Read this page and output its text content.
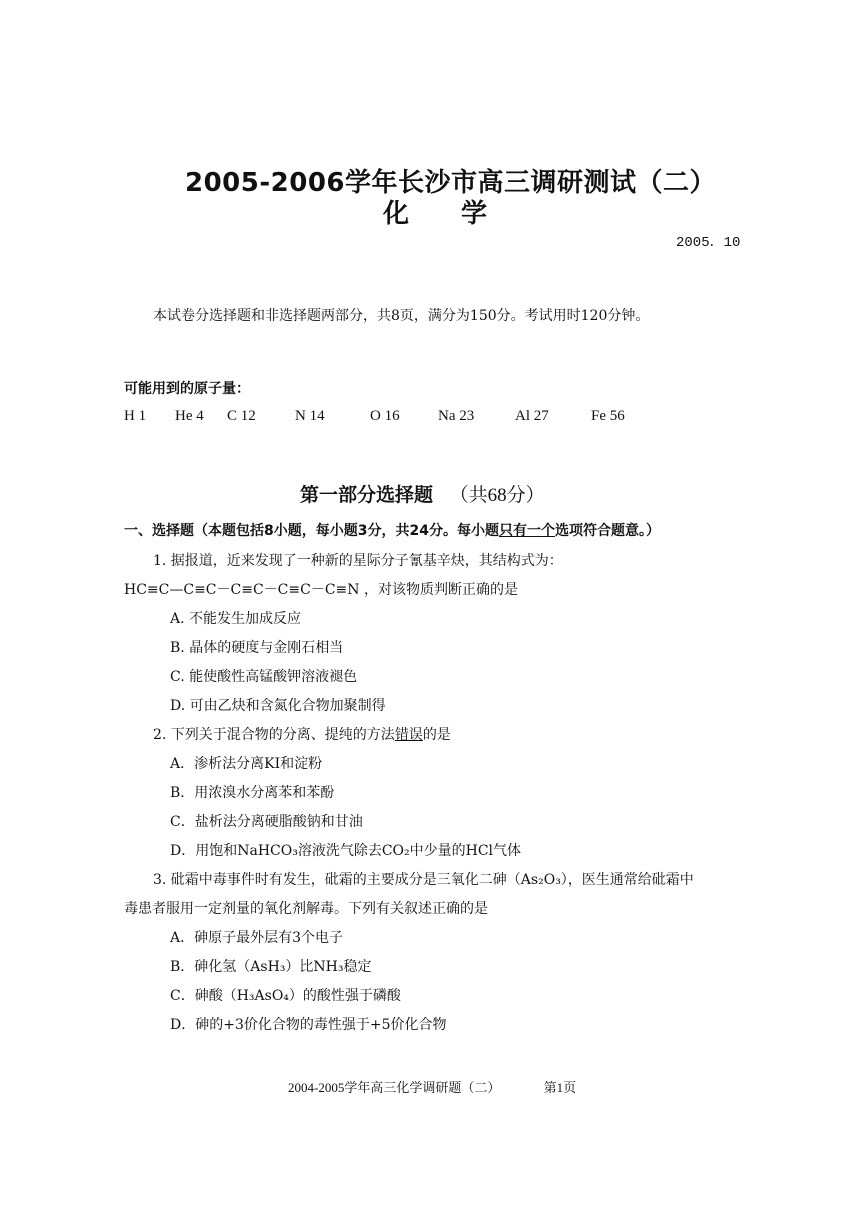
2005-2006学年长沙市高三调研测试（二）
化　　学
2005．10
本试卷分选择题和非选择题两部分，共8页，满分为150分。考试用时120分钟。
可能用到的原子量：
H 1 He 4 C 12	N 14	O 16	Na 23	Al 27	Fe 56
第一部分选择题 （共68分）
一、选择题（本题包括8小题，每小题3分，共24分。每小题只有一个选项符合题意。）
1. 据报道，近来发现了一种新的星际分子氰基辛炔，其结构式为：
HC≡C—C≡C－C≡C－C≡C－C≡N ，对该物质判断正确的是
A. 不能发生加成反应
B. 晶体的硬度与金刚石相当
C. 能使酸性高锰酸钾溶液褪色
D. 可由乙炔和含氮化合物加聚制得
2. 下列关于混合物的分离、提纯的方法错误的是
A．渗析法分离KI和淀粉
B．用浓溴水分离苯和苯酚
C．盐析法分离硬脂酸钠和甘油
D．用饱和NaHCO₃溶液洗气除去CO₂中少量的HCl气体
3. 砒霜中毒事件时有发生，砒霜的主要成分是三氧化二砷（As₂O₃），医生通常给砒霜中
毒患者服用一定剂量的氧化剂解毒。下列有关叙述正确的是
A．砷原子最外层有3个电子
B．砷化氢（AsH₃）比NH₃稳定
C．砷酸（H₃AsO₄）的酸性强于磷酸
D．砷的+3价化合物的毒性强于+5价化合物
2004-2005学年高三化学调研题（二）	第1页
